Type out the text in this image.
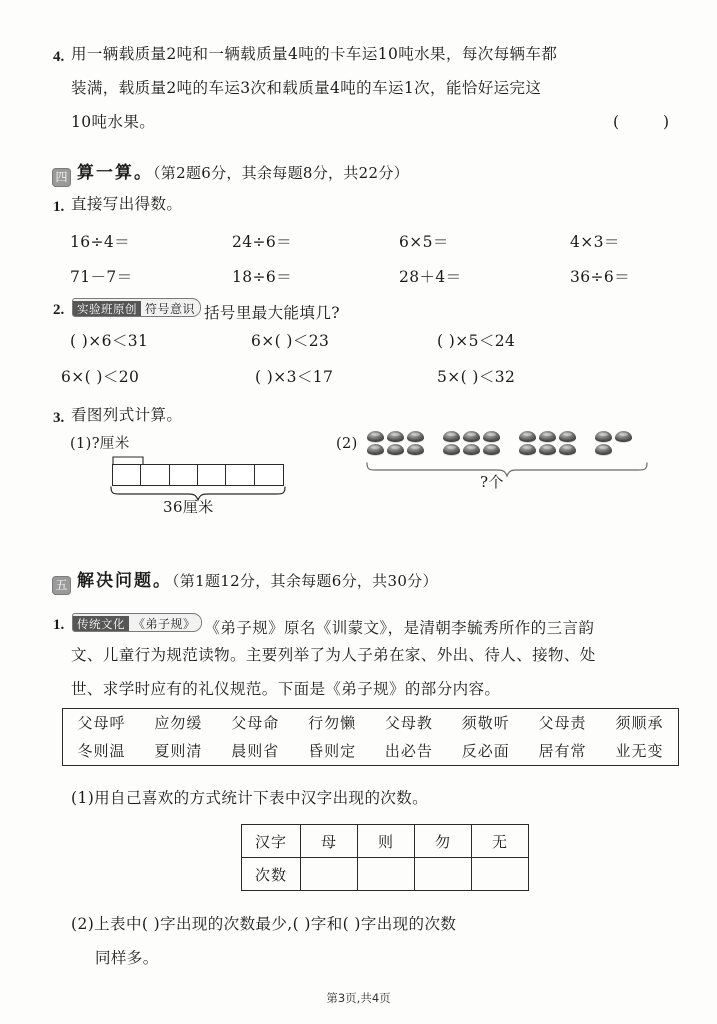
4. 用一辆载质量2吨和一辆载质量4吨的卡车运10吨水果，每次每辆车都
装满，载质量2吨的车运3次和载质量4吨的车运1次，能恰好运完这
10吨水果。	(	)
四 算一算。（第2题6分，其余每题8分，共22分）
1. 直接写出得数。
16÷4＝	24÷6＝	6×5＝	4×3＝
71－7＝	18÷6＝	28＋4＝	36÷6＝
2.	实验班原创 符号意识 括号里最大能填几?
( )×6＜31	6×( )＜23	( )×5＜24
6×( )＜20	( )×3＜17	5×( )＜32
3. 看图列式计算。
(1)?厘米
36厘米
(2)
?个
五 解决问题。（第1题12分，其余每题6分，共30分）
1.	传统文化 《弟子规》 《弟子规》原名《训蒙文》，是清朝李毓秀所作的三言韵
文、儿童行为规范读物。主要列举了为人子弟在家、外出、待人、接物、处
世、求学时应有的礼仪规范。下面是《弟子规》的部分内容。
父母呼	应勿缓	父母命	行勿懒	父母教	须敬听	父母责	须顺承
冬则温	夏则清	晨则省	昏则定	出必告	反必面	居有常	业无变
(1)用自己喜欢的方式统计下表中汉字出现的次数。
汉字	母	则	勿	无
次数				
(2)上表中( )字出现的次数最少,( )字和( )字出现的次数
同样多。
第3页,共4页
